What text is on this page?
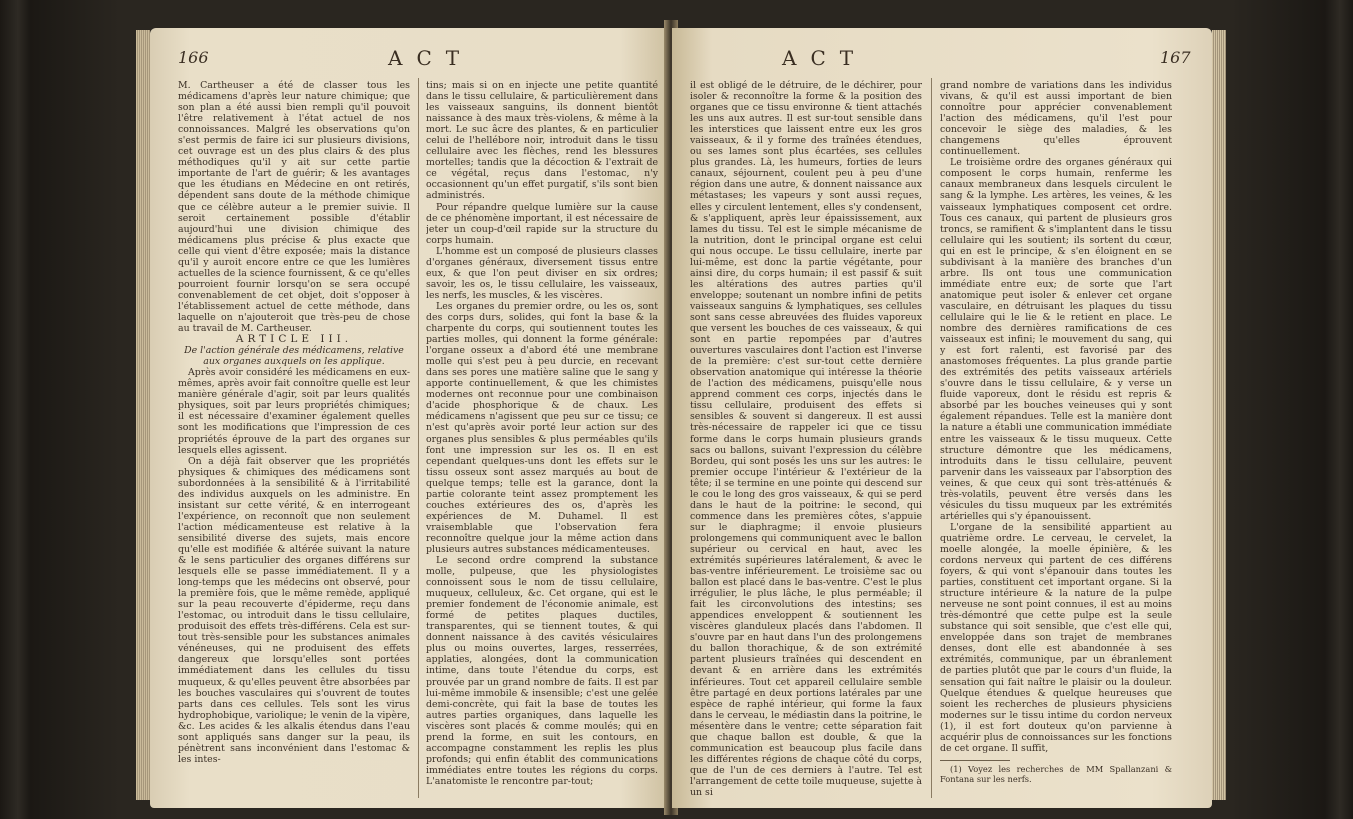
166	ACT

M. Cartheuser a été de classer tous les médicamens d'après leur nature chimique; que son plan a été aussi bien rempli qu'il pouvoit l'être relativement à l'état actuel de nos connoissances. Malgré les observations qu'on s'est permis de faire ici sur plusieurs divisions, cet ouvrage est un des plus clairs & des plus méthodiques qu'il y ait sur cette partie importante de l'art de guérir; & les avantages que les étudians en Médecine en ont retirés, dépendent sans doute de la méthode chimique que ce célèbre auteur a le premier suivie. Il seroit certainement possible d'établir aujourd'hui une division chimique des médicamens plus précise & plus exacte que celle qui vient d'être exposée; mais la distance qu'il y auroit encore entre ce que les lumières actuelles de la science fournissent, & ce qu'elles pourroient fournir lorsqu'on se sera occupé convenablement de cet objet, doit s'opposer à l'établissement actuel de cette méthode, dans laquelle on n'ajouteroit que très-peu de chose au travail de M. Cartheuser.

ARTICLE III.

De l'action générale des médicamens, relative aux organes auxquels on les applique.

Après avoir considéré les médicamens en eux-mêmes, après avoir fait connoître quelle est leur manière générale d'agir, soit par leurs qualités physiques, soit par leurs propriétés chimiques; il est nécessaire d'examiner également quelles sont les modifications que l'impression de ces propriétés éprouve de la part des organes sur lesquels elles agissent.

On a déjà fait observer que les propriétés physiques & chimiques des médicamens sont subordonnées à la sensibilité & à l'irritabilité des individus auxquels on les administre. En insistant sur cette vérité, & en interrogeant l'expérience, on reconnoît que non seulement l'action médicamenteuse est relative à la sensibilité diverse des sujets, mais encore qu'elle est modifiée & altérée suivant la nature & le sens particulier des organes différens sur lesquels elle se passe immédiatement. Il y a long-temps que les médecins ont observé, pour la première fois, que le même remède, appliqué sur la peau recouverte d'épiderme, reçu dans l'estomac, ou introduit dans le tissu cellulaire, produisoit des effets très-différens. Cela est sur-tout très-sensible pour les substances animales vénéneuses, qui ne produisent des effets dangereux que lorsqu'elles sont portées immédiatement dans les cellules du tissu muqueux, & qu'elles peuvent être absorbées par les bouches vasculaires qui s'ouvrent de toutes parts dans ces cellules. Tels sont les virus hydrophobique, variolique; le venin de la vipère, &c. Les acides & les alkalis étendus dans l'eau sont appliqués sans danger sur la peau, ils pénètrent sans inconvénient dans l'estomac & les intes-

tins; mais si on en injecte une petite quantité dans le tissu cellulaire, & particulièrement dans les vaisseaux sanguins, ils donnent bientôt naissance à des maux très-violens, & même à la mort. Le suc âcre des plantes, & en particulier celui de l'hellébore noir, introduit dans le tissu cellulaire avec les flèches, rend les blessures mortelles; tandis que la décoction & l'extrait de ce végétal, reçus dans l'estomac, n'y occasionnent qu'un effet purgatif, s'ils sont bien administrés.

Pour répandre quelque lumière sur la cause de ce phénomène important, il est nécessaire de jeter un coup-d'œil rapide sur la structure du corps humain.

L'homme est un composé de plusieurs classes d'organes généraux, diversement tissus entre eux, & que l'on peut diviser en six ordres; savoir, les os, le tissu cellulaire, les vaisseaux, les nerfs, les muscles, & les viscères.

Les organes du premier ordre, ou les os, sont des corps durs, solides, qui font la base & la charpente du corps, qui soutiennent toutes les parties molles, qui donnent la forme générale: l'organe osseux a d'abord été une membrane molle qui s'est peu à peu durcie, en recevant dans ses pores une matière saline que le sang y apporte continuellement, & que les chimistes modernes ont reconnue pour une combinaison d'acide phosphorique & de chaux. Les médicamens n'agissent que peu sur ce tissu; ce n'est qu'après avoir porté leur action sur des organes plus sensibles & plus perméables qu'ils font une impression sur les os. Il en est cependant quelques-uns dont les effets sur le tissu osseux sont assez marqués au bout de quelque temps; telle est la garance, dont la partie colorante teint assez promptement les couches extérieures des os, d'après les expériences de M. Duhamel. Il est vraisemblable que l'observation fera reconnoître quelque jour la même action dans plusieurs autres substances médicamenteuses.

Le second ordre comprend la substance molle, pulpeuse, que les physiologistes connoissent sous le nom de tissu cellulaire, muqueux, celluleux, &c. Cet organe, qui est le premier fondement de l'économie animale, est formé de petites plaques ductiles, transparentes, qui se tiennent toutes, & qui donnent naissance à des cavités vésiculaires plus ou moins ouvertes, larges, resserrées, applaties, alongées, dont la communication intime, dans toute l'étendue du corps, est prouvée par un grand nombre de faits. Il est par lui-même immobile & insensible; c'est une gelée demi-concrète, qui fait la base de toutes les autres parties organiques, dans laquelle les viscères sont placés & comme moulés; qui en prend la forme, en suit les contours, en accompagne constamment les replis les plus profonds; qui enfin établit des communications immédiates entre toutes les régions du corps. L'anatomiste le rencontre par-tout;

ACT	167

il est obligé de le détruire, de le déchirer, pour isoler & reconnoître la forme & la position des organes que ce tissu environne & tient attachés les uns aux autres. Il est sur-tout sensible dans les interstices que laissent entre eux les gros vaisseaux, & il y forme des traînées étendues, ou ses lames sont plus écartées, ses cellules plus grandes. Là, les humeurs, forties de leurs canaux, séjournent, coulent peu à peu d'une région dans une autre, & donnent naissance aux métastases; les vapeurs y sont aussi reçues, elles y circulent lentement, elles s'y condensent, & s'appliquent, après leur épaississement, aux lames du tissu. Tel est le simple mécanisme de la nutrition, dont le principal organe est celui qui nous occupe. Le tissu cellulaire, inerte par lui-même, est donc la partie végétante, pour ainsi dire, du corps humain; il est passif & suit les altérations des autres parties qu'il enveloppe; soutenant un nombre infini de petits vaisseaux sanguins & lymphatiques, ses cellules sont sans cesse abreuvées des fluides vaporeux que versent les bouches de ces vaisseaux, & qui sont en partie repompées par d'autres ouvertures vasculaires dont l'action est l'inverse de la première: c'est sur-tout cette dernière observation anatomique qui intéresse la théorie de l'action des médicamens, puisqu'elle nous apprend comment ces corps, injectés dans le tissu cellulaire, produisent des effets si sensibles & souvent si dangereux. Il est aussi très-nécessaire de rappeler ici que ce tissu forme dans le corps humain plusieurs grands sacs ou ballons, suivant l'expression du célèbre Bordeu, qui sont posés les uns sur les autres: le premier occupe l'intérieur & l'extérieur de la tête; il se termine en une pointe qui descend sur le cou le long des gros vaisseaux, & qui se perd dans le haut de la poitrine: le second, qui commence dans les premières côtes, s'appuie sur le diaphragme; il envoie plusieurs prolongemens qui communiquent avec le ballon supérieur ou cervical en haut, avec les extrémités supérieures latéralement, & avec le bas-ventre inférieurement. Le troisième sac ou ballon est placé dans le bas-ventre. C'est le plus irrégulier, le plus lâche, le plus perméable; il fait les circonvolutions des intestins; ses appendices enveloppent & soutiennent les viscères glanduleux placés dans l'abdomen. Il s'ouvre par en haut dans l'un des prolongemens du ballon thorachique, & de son extrémité partent plusieurs traînées qui descendent en devant & en arrière dans les extrémités inférieures. Tout cet appareil cellulaire semble être partagé en deux portions latérales par une espèce de raphé intérieur, qui forme la faux dans le cerveau, le médiastin dans la poitrine, le mésentère dans le ventre; cette séparation fait que chaque ballon est double, & que la communication est beaucoup plus facile dans les différentes régions de chaque côté du corps, que de l'un de ces derniers à l'autre. Tel est l'arrangement de cette toile muqueuse, sujette à un si

grand nombre de variations dans les individus vivans, & qu'il est aussi important de bien connoître pour apprécier convenablement l'action des médicamens, qu'il l'est pour concevoir le siège des maladies, & les changemens qu'elles éprouvent continuellement.

Le troisième ordre des organes généraux qui composent le corps humain, renferme les canaux membraneux dans lesquels circulent le sang & la lymphe. Les artères, les veines, & les vaisseaux lymphatiques composent cet ordre. Tous ces canaux, qui partent de plusieurs gros troncs, se ramifient & s'implantent dans le tissu cellulaire qui les soutient; ils sortent du cœur, qui en est le principe, & s'en éloignent en se subdivisant à la manière des branches d'un arbre. Ils ont tous une communication immédiate entre eux; de sorte que l'art anatomique peut isoler & enlever cet organe vasculaire, en détruisant les plaques du tissu cellulaire qui le lie & le retient en place. Le nombre des dernières ramifications de ces vaisseaux est infini; le mouvement du sang, qui y est fort ralenti, est favorisé par des anastomoses fréquentes. La plus grande partie des extrémités des petits vaisseaux artériels s'ouvre dans le tissu cellulaire, & y verse un fluide vaporeux, dont le résidu est repris & absorbé par les bouches veineuses qui y sont également répandues. Telle est la manière dont la nature a établi une communication immédiate entre les vaisseaux & le tissu muqueux. Cette structure démontre que les médicamens, introduits dans le tissu cellulaire, peuvent parvenir dans les vaisseaux par l'absorption des veines, & que ceux qui sont très-atténués & très-volatils, peuvent être versés dans les vésicules du tissu muqueux par les extrémités artérielles qui s'y épanouissent.

L'organe de la sensibilité appartient au quatrième ordre. Le cerveau, le cervelet, la moelle alongée, la moelle épinière, & les cordons nerveux qui partent de ces différens foyers, & qui vont s'épanouir dans toutes les parties, constituent cet important organe. Si la structure intérieure & la nature de la pulpe nerveuse ne sont point connues, il est au moins très-démontré que cette pulpe est la seule substance qui soit sensible, que c'est elle qui, enveloppée dans son trajet de membranes denses, dont elle est abandonnée à ses extrémités, communique, par un ébranlement de parties plutôt que par le cours d'un fluide, la sensation qui fait naître le plaisir ou la douleur. Quelque étendues & quelque heureuses que soient les recherches de plusieurs physiciens modernes sur le tissu intime du cordon nerveux (1), il est fort douteux qu'on parvienne à acquérir plus de connoissances sur les fonctions de cet organe. Il suffit,

(1) Voyez les recherches de MM Spallanzani & Fontana sur les nerfs.
